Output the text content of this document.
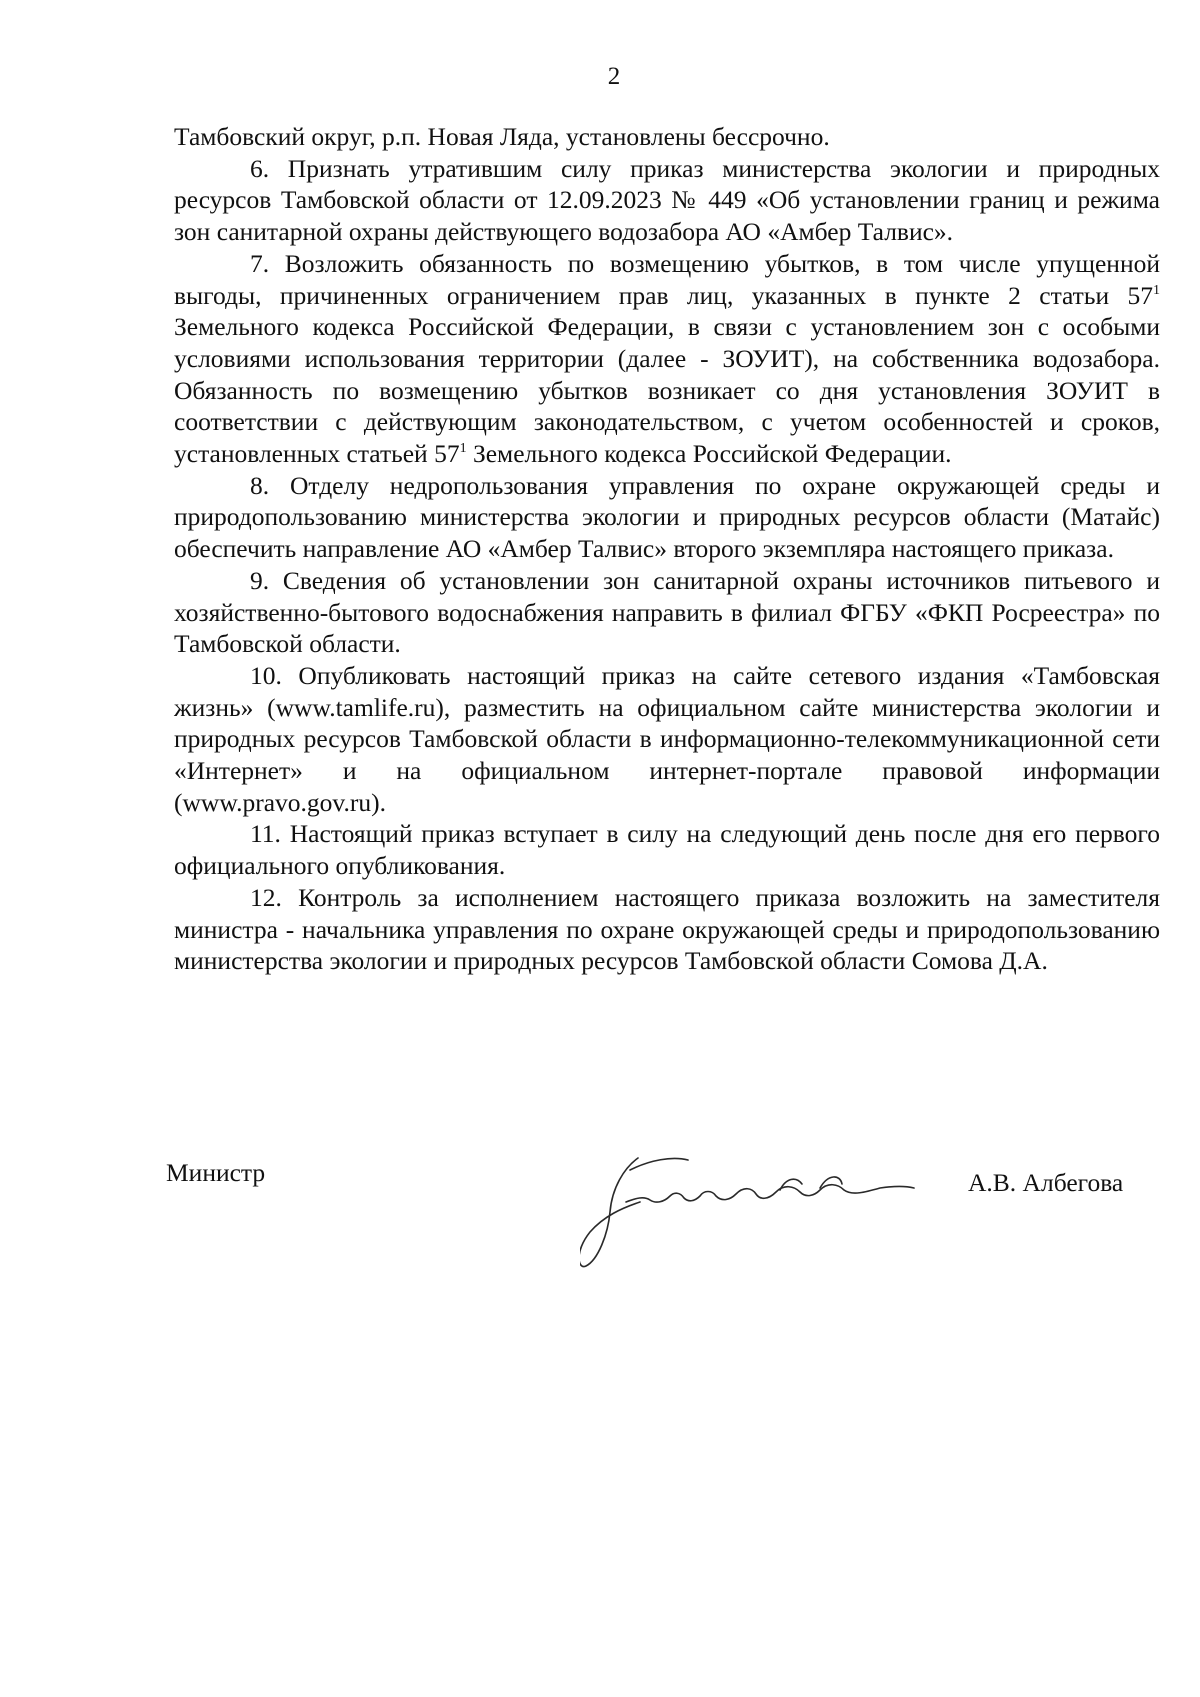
2

Тамбовский округ, р.п. Новая Ляда, установлены бессрочно.

6. Признать утратившим силу приказ министерства экологии и природных ресурсов Тамбовской области от 12.09.2023 № 449 «Об установлении границ и режима зон санитарной охраны действующего водозабора АО «Амбер Талвис».

7. Возложить обязанность по возмещению убытков, в том числе упущенной выгоды, причиненных ограничением прав лиц, указанных в пункте 2 статьи $57^1$ Земельного кодекса Российской Федерации, в связи с установлением зон с особыми условиями использования территории (далее - ЗОУИТ), на собственника водозабора. Обязанность по возмещению убытков возникает со дня установления ЗОУИТ в соответствии с действующим законодательством, с учетом особенностей и сроков, установленных статьей $57^1$ Земельного кодекса Российской Федерации.

8. Отделу недропользования управления по охране окружающей среды и природопользованию министерства экологии и природных ресурсов области (Матайс) обеспечить направление АО «Амбер Талвис» второго экземпляра настоящего приказа.

9. Сведения об установлении зон санитарной охраны источников питьевого и хозяйственно-бытового водоснабжения направить в филиал ФГБУ «ФКП Росреестра» по Тамбовской области.

10. Опубликовать настоящий приказ на сайте сетевого издания «Тамбовская жизнь» (www.tamlife.ru), разместить на официальном сайте министерства экологии и природных ресурсов Тамбовской области в информационно-телекоммуникационной сети «Интернет» и на официальном интернет-портале правовой информации (www.pravo.gov.ru).

11. Настоящий приказ вступает в силу на следующий день после дня его первого официального опубликования.

12. Контроль за исполнением настоящего приказа возложить на заместителя министра - начальника управления по охране окружающей среды и природопользованию министерства экологии и природных ресурсов Тамбовской области Сомова Д.А.

Министр	А.В. Албегова
